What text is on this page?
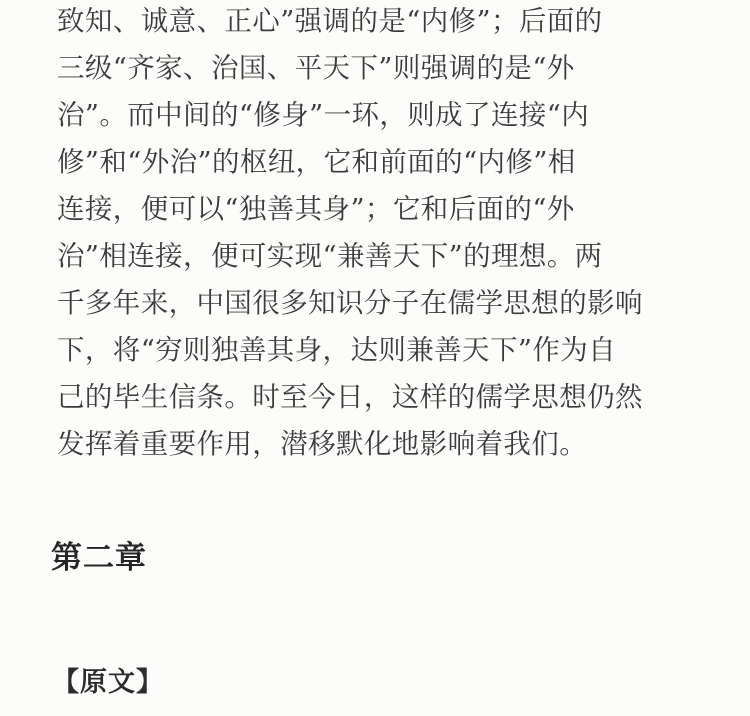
致知、诚意、正心”强调的是“内修”；后面的
三级“齐家、治国、平天下”则强调的是“外
治”。而中间的“修身”一环，则成了连接“内
修”和“外治”的枢纽，它和前面的“内修”相
连接，便可以“独善其身”；它和后面的“外
治”相连接，便可实现“兼善天下”的理想。两
千多年来，中国很多知识分子在儒学思想的影响
下，将“穷则独善其身，达则兼善天下”作为自
己的毕生信条。时至今日，这样的儒学思想仍然
发挥着重要作用，潜移默化地影响着我们。
第二章
【原文】
